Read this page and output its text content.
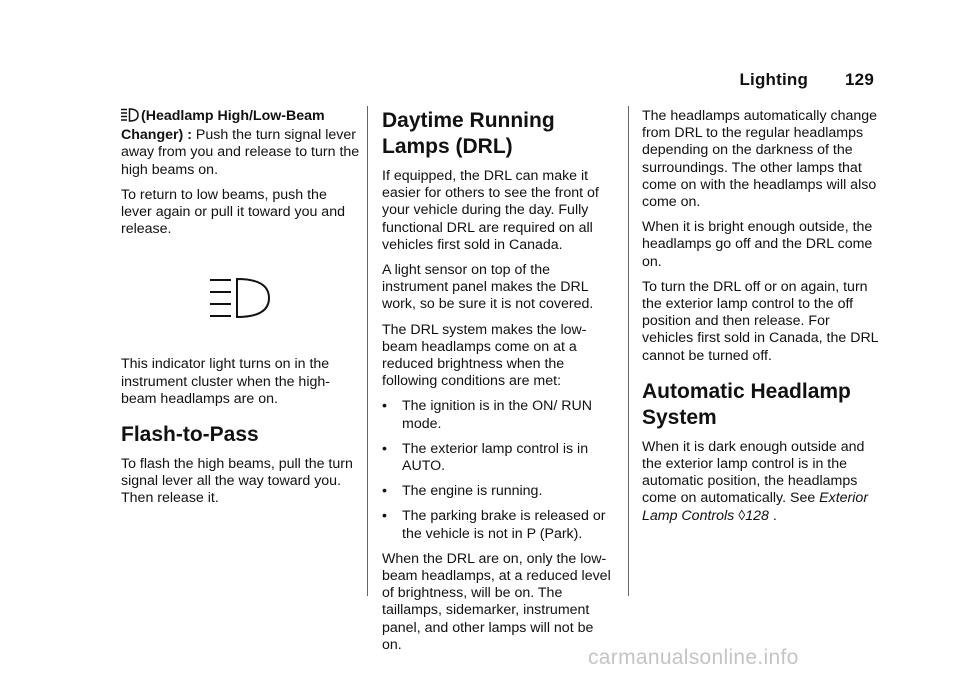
Lighting 129

(Headlamp High/Low-Beam Changer) : Push the turn signal lever away from you and release to turn the high beams on.

To return to low beams, push the lever again or pull it toward you and release.

This indicator light turns on in the instrument cluster when the high-beam headlamps are on.

Flash-to-Pass

To flash the high beams, pull the turn signal lever all the way toward you. Then release it.

Daytime Running Lamps (DRL)

If equipped, the DRL can make it easier for others to see the front of your vehicle during the day. Fully functional DRL are required on all vehicles first sold in Canada.

A light sensor on top of the instrument panel makes the DRL work, so be sure it is not covered.

The DRL system makes the low-beam headlamps come on at a reduced brightness when the following conditions are met:

•	The ignition is in the ON/ RUN mode.
•	The exterior lamp control is in AUTO.
•	The engine is running.
•	The parking brake is released or the vehicle is not in P (Park).

When the DRL are on, only the low-beam headlamps, at a reduced level of brightness, will be on. The taillamps, sidemarker, instrument panel, and other lamps will not be on.

The headlamps automatically change from DRL to the regular headlamps depending on the darkness of the surroundings. The other lamps that come on with the headlamps will also come on.

When it is bright enough outside, the headlamps go off and the DRL come on.

To turn the DRL off or on again, turn the exterior lamp control to the off position and then release. For vehicles first sold in Canada, the DRL cannot be turned off.

Automatic Headlamp System

When it is dark enough outside and the exterior lamp control is in the automatic position, the headlamps come on automatically. See Exterior Lamp Controls ◊128 .

carmanualsonline.info
